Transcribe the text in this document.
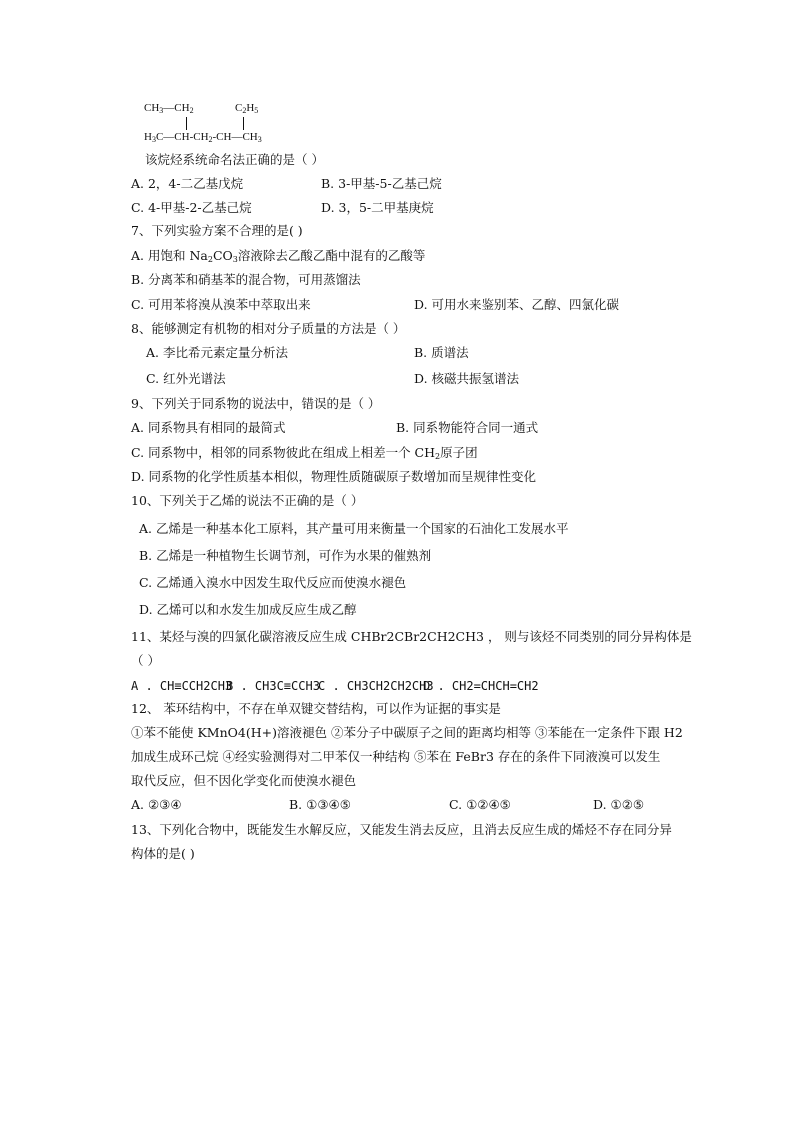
$CH_3—CH_2$	$C_2H_5$
$H_3C—CH-CH_2-CH—CH_3$
该烷烃系统命名法正确的是（ ）
A. 2，4-二乙基戊烷	B. 3-甲基-5-乙基己烷
C. 4-甲基-2-乙基己烷	D. 3，5-二甲基庚烷
7、下列实验方案不合理的是( )
A. 用饱和 $Na_2CO_3$溶液除去乙酸乙酯中混有的乙酸等
B. 分离苯和硝基苯的混合物，可用蒸馏法
C. 可用苯将溴从溴苯中萃取出来	D. 可用水来鉴别苯、乙醇、四氯化碳
8、能够测定有机物的相对分子质量的方法是（ ）
A. 李比希元素定量分析法	B. 质谱法
C. 红外光谱法	D. 核磁共振氢谱法
9、下列关于同系物的说法中，错误的是（ ）
A. 同系物具有相同的最简式	B. 同系物能符合同一通式
C. 同系物中，相邻的同系物彼此在组成上相差一个 $CH_2$原子团
D. 同系物的化学性质基本相似，物理性质随碳原子数增加而呈规律性变化
10、下列关于乙烯的说法不正确的是（ ）
A. 乙烯是一种基本化工原料，其产量可用来衡量一个国家的石油化工发展水平
B. 乙烯是一种植物生长调节剂，可作为水果的催熟剂
C. 乙烯通入溴水中因发生取代反应而使溴水褪色
D. 乙烯可以和水发生加成反应生成乙醇
11、某烃与溴的四氯化碳溶液反应生成 CHBr2CBr2CH2CH3 ， 则与该烃不同类别的同分异构体是
（ ）
A . CH≡CCH2CH3
B . CH3C≡CCH3
C . CH3CH2CH2CH3
D . CH2=CHCH=CH2
12、 苯环结构中，不存在单双键交替结构，可以作为证据的事实是
①苯不能使 KMnO4(H+)溶液褪色 ②苯分子中碳原子之间的距离均相等 ③苯能在一定条件下跟 H2
加成生成环己烷 ④经实验测得对二甲苯仅一种结构 ⑤苯在 FeBr3 存在的条件下同液溴可以发生
取代反应，但不因化学变化而使溴水褪色
A. ②③④	B. ①③④⑤	C. ①②④⑤	D. ①②⑤
13、下列化合物中，既能发生水解反应，又能发生消去反应，且消去反应生成的烯烃不存在同分异
构体的是( )
